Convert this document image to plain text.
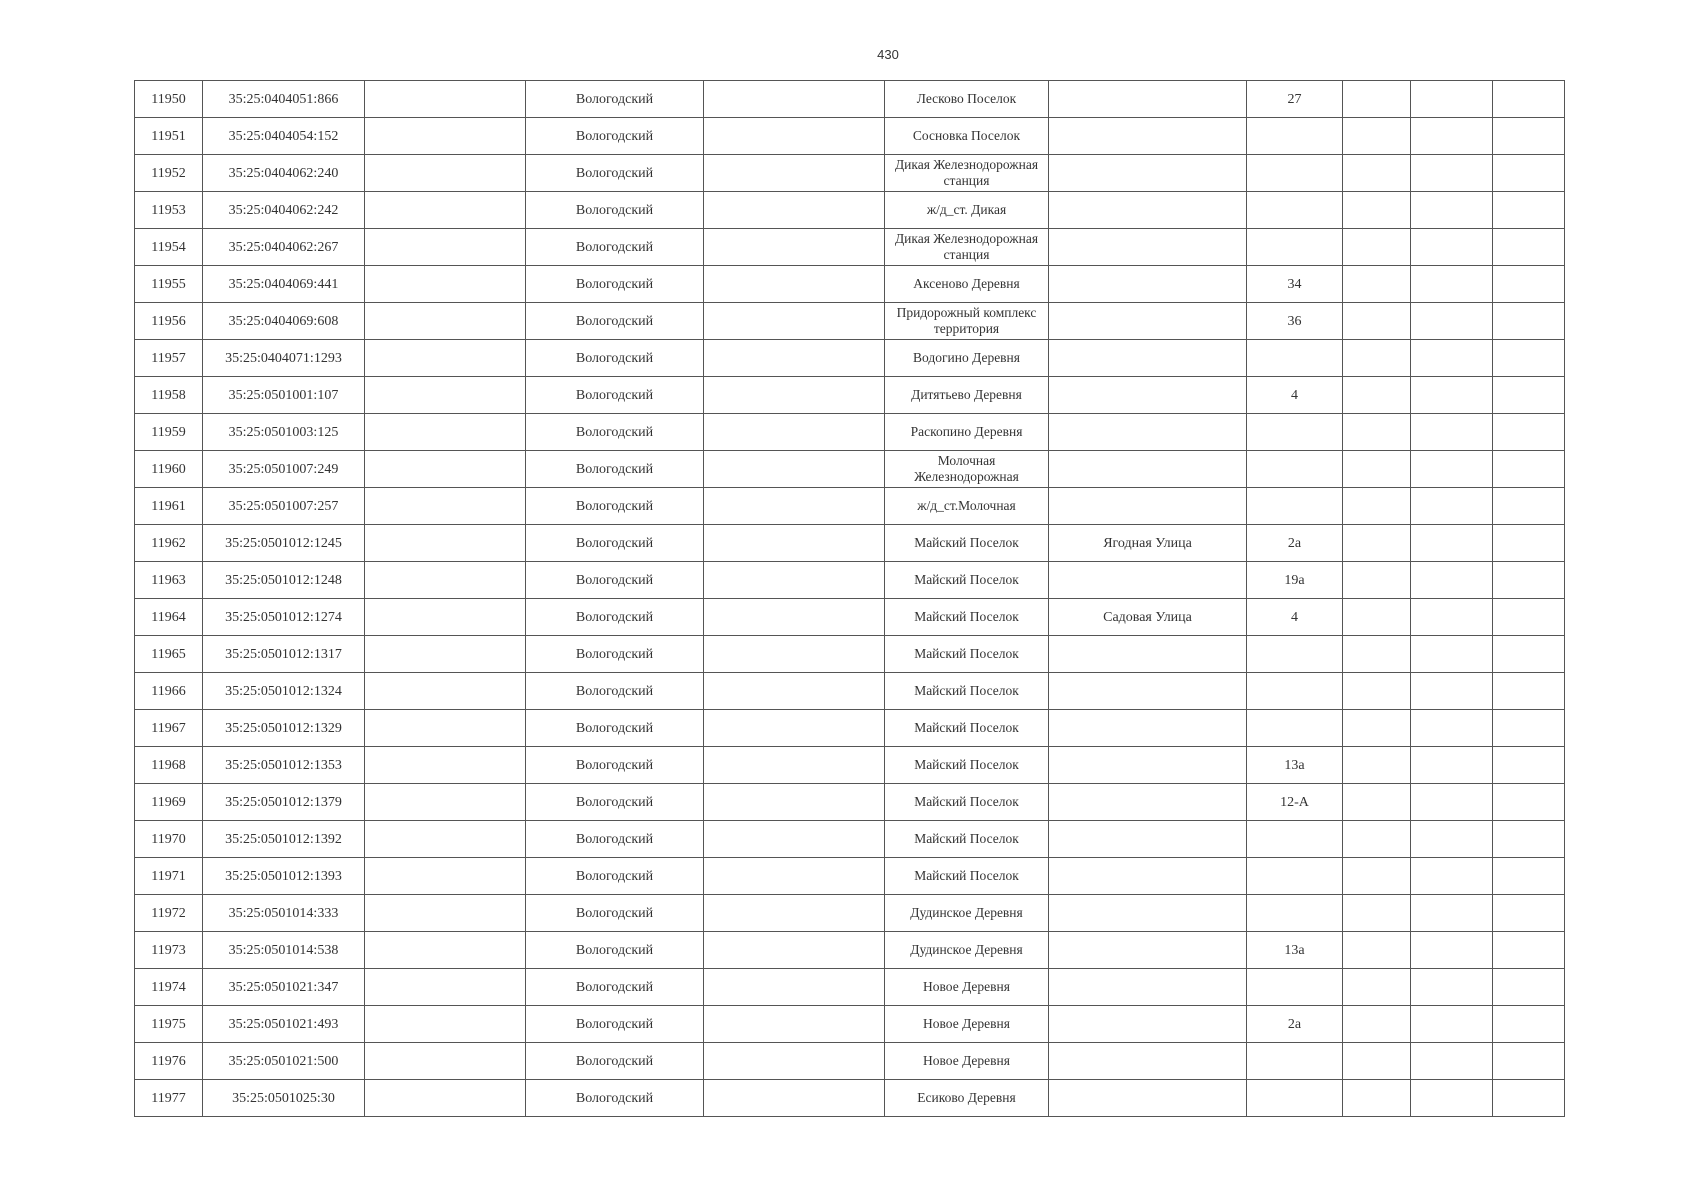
430
11950	35:25:0404051:866		Вологодский		Лесково Поселок		27			
11951	35:25:0404054:152		Вологодский		Сосновка Поселок					
11952	35:25:0404062:240		Вологодский		Дикая Железнодорожная станция					
11953	35:25:0404062:242		Вологодский		ж/д_ст. Дикая					
11954	35:25:0404062:267		Вологодский		Дикая Железнодорожная станция					
11955	35:25:0404069:441		Вологодский		Аксеново Деревня		34			
11956	35:25:0404069:608		Вологодский		Придорожный комплекс территория		36			
11957	35:25:0404071:1293		Вологодский		Водогино Деревня					
11958	35:25:0501001:107		Вологодский		Дитятьево Деревня		4			
11959	35:25:0501003:125		Вологодский		Раскопино Деревня					
11960	35:25:0501007:249		Вологодский		Молочная Железнодорожная					
11961	35:25:0501007:257		Вологодский		ж/д_ст.Молочная					
11962	35:25:0501012:1245		Вологодский		Майский Поселок	Ягодная Улица	2а			
11963	35:25:0501012:1248		Вологодский		Майский Поселок		19а			
11964	35:25:0501012:1274		Вологодский		Майский Поселок	Садовая Улица	4			
11965	35:25:0501012:1317		Вологодский		Майский Поселок					
11966	35:25:0501012:1324		Вологодский		Майский Поселок					
11967	35:25:0501012:1329		Вологодский		Майский Поселок					
11968	35:25:0501012:1353		Вологодский		Майский Поселок		13а			
11969	35:25:0501012:1379		Вологодский		Майский Поселок		12-А			
11970	35:25:0501012:1392		Вологодский		Майский Поселок					
11971	35:25:0501012:1393		Вологодский		Майский Поселок					
11972	35:25:0501014:333		Вологодский		Дудинское Деревня					
11973	35:25:0501014:538		Вологодский		Дудинское Деревня		13а			
11974	35:25:0501021:347		Вологодский		Новое Деревня					
11975	35:25:0501021:493		Вологодский		Новое Деревня		2а			
11976	35:25:0501021:500		Вологодский		Новое Деревня					
11977	35:25:0501025:30		Вологодский		Есиково Деревня					
